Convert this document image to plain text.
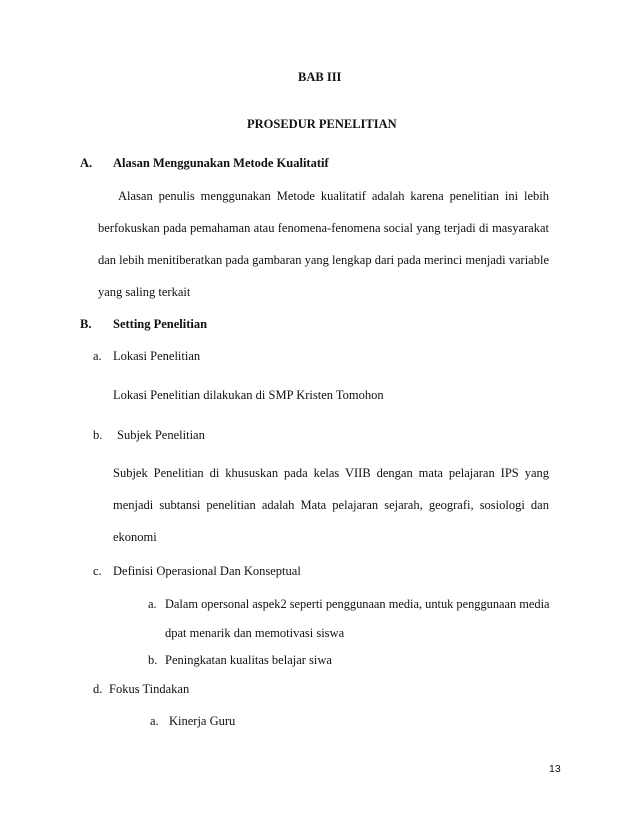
BAB III
PROSEDUR PENELITIAN
A. Alasan Menggunakan Metode Kualitatif
Alasan penulis menggunakan Metode kualitatif adalah karena penelitian ini lebih
berfokuskan pada pemahaman atau fenomena-fenomena social yang terjadi di masyarakat
dan lebih menitiberatkan pada gambaran yang lengkap dari pada merinci menjadi variable
yang saling terkait
B. Setting Penelitian
a. Lokasi Penelitian
Lokasi Penelitian dilakukan di SMP Kristen Tomohon
b. Subjek Penelitian
Subjek Penelitian di khususkan pada kelas VIIB dengan mata pelajaran IPS yang
menjadi subtansi penelitian adalah Mata pelajaran sejarah, geografi, sosiologi dan
ekonomi
c. Definisi Operasional Dan Konseptual
a. Dalam opersonal aspek2 seperti penggunaan media, untuk penggunaan media
dpat menarik dan memotivasi siswa
b. Peningkatan kualitas belajar siwa
d. Fokus Tindakan
a. Kinerja Guru
13
